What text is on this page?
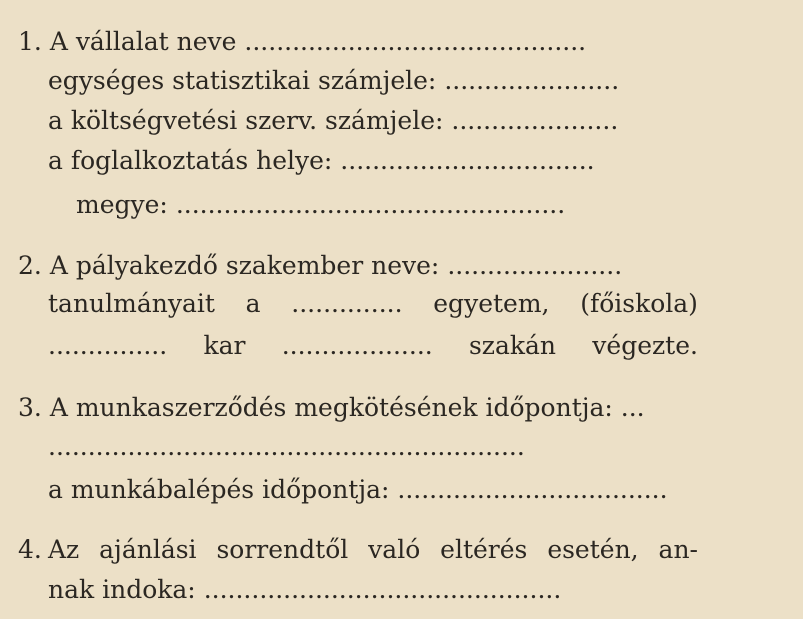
1. A vállalat neve ...........................................
egységes statisztikai számjele: ......................
a költségvetési szerv. számjele: .....................
a foglalkoztatás helye: ................................
megye: .................................................
2. A pályakezdő szakember neve: ......................
tanulmányait a .............. egyetem, (főiskola)
............... kar ................... szakán végezte.
3. A munkaszerződés megkötésének időpontja: ...
............................................................
a munkábalépés időpontja: ..................................
4. Az ajánlási sorrendtől való eltérés esetén, an-
nak indoka: .............................................
